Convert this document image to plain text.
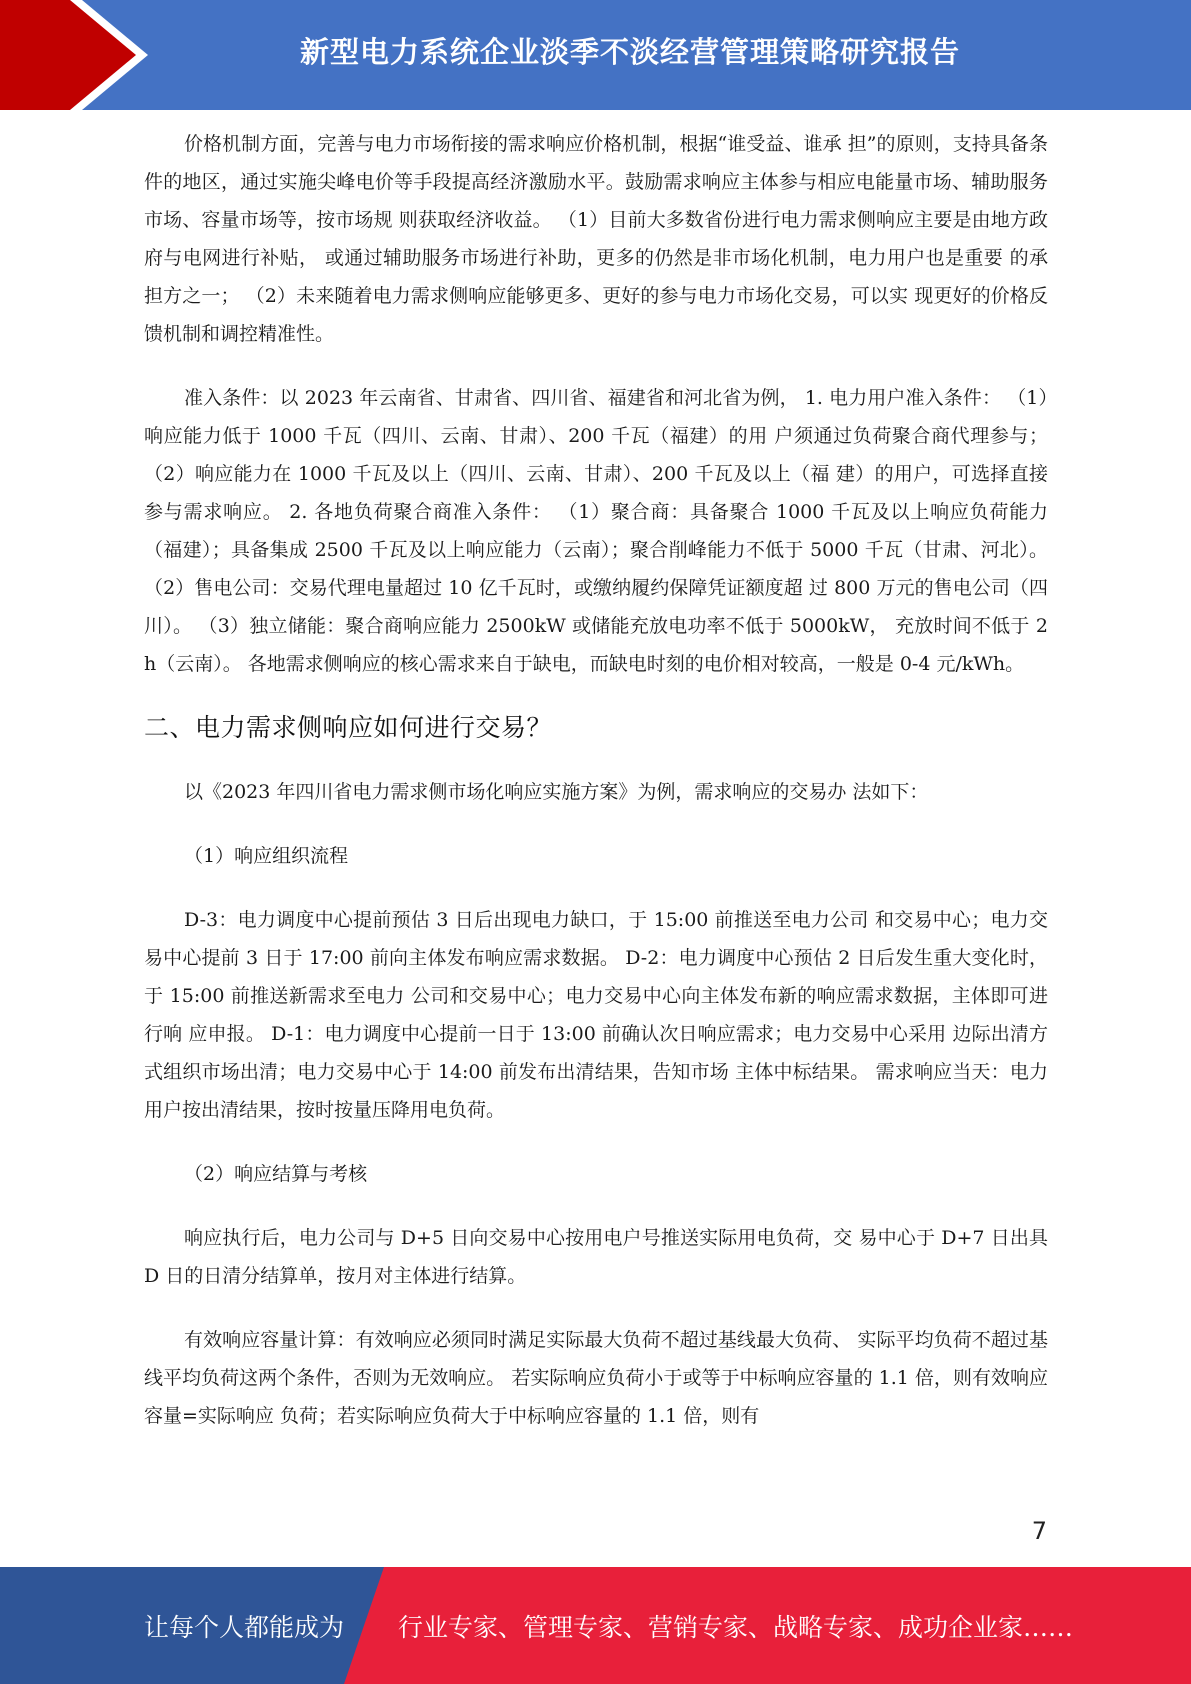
新型电力系统企业淡季不淡经营管理策略研究报告

价格机制方面，完善与电力市场衔接的需求响应价格机制，根据“谁受益、谁承 担”的原则，支持具备条件的地区，通过实施尖峰电价等手段提高经济激励水平。鼓励需求响应主体参与相应电能量市场、辅助服务市场、容量市场等，按市场规 则获取经济收益。 （1）目前大多数省份进行电力需求侧响应主要是由地方政府与电网进行补贴， 或通过辅助服务市场进行补助，更多的仍然是非市场化机制，电力用户也是重要 的承担方之一； （2）未来随着电力需求侧响应能够更多、更好的参与电力市场化交易，可以实 现更好的价格反馈机制和调控精准性。

准入条件：以 2023 年云南省、甘肃省、四川省、福建省和河北省为例， 1. 电力用户准入条件： （1）响应能力低于 1000 千瓦（四川、云南、甘肃）、200 千瓦（福建）的用 户须通过负荷聚合商代理参与； （2）响应能力在 1000 千瓦及以上（四川、云南、甘肃）、200 千瓦及以上（福 建）的用户，可选择直接参与需求响应。 2. 各地负荷聚合商准入条件： （1）聚合商：具备聚合 1000 千瓦及以上响应负荷能力（福建）；具备集成 2500 千瓦及以上响应能力（云南）；聚合削峰能力不低于 5000 千瓦（甘肃、河北）。 （2）售电公司：交易代理电量超过 10 亿千瓦时，或缴纳履约保障凭证额度超 过 800 万元的售电公司（四川）。 （3）独立储能：聚合商响应能力 2500kW 或储能充放电功率不低于 5000kW， 充放时间不低于 2h（云南）。 各地需求侧响应的核心需求来自于缺电，而缺电时刻的电价相对较高，一般是 0-4 元/kWh。

二、电力需求侧响应如何进行交易？

以《2023 年四川省电力需求侧市场化响应实施方案》为例，需求响应的交易办 法如下：

（1）响应组织流程

D-3：电力调度中心提前预估 3 日后出现电力缺口，于 15:00 前推送至电力公司 和交易中心；电力交易中心提前 3 日于 17:00 前向主体发布响应需求数据。 D-2：电力调度中心预估 2 日后发生重大变化时，于 15:00 前推送新需求至电力 公司和交易中心；电力交易中心向主体发布新的响应需求数据，主体即可进行响 应申报。 D-1：电力调度中心提前一日于 13:00 前确认次日响应需求；电力交易中心采用 边际出清方式组织市场出清；电力交易中心于 14:00 前发布出清结果，告知市场 主体中标结果。 需求响应当天：电力用户按出清结果，按时按量压降用电负荷。

（2）响应结算与考核

响应执行后，电力公司与 D+5 日向交易中心按用电户号推送实际用电负荷，交 易中心于 D+7 日出具 D 日的日清分结算单，按月对主体进行结算。

有效响应容量计算：有效响应必须同时满足实际最大负荷不超过基线最大负荷、 实际平均负荷不超过基线平均负荷这两个条件，否则为无效响应。 若实际响应负荷小于或等于中标响应容量的 1.1 倍，则有效响应容量=实际响应 负荷；若实际响应负荷大于中标响应容量的 1.1 倍，则有

7
让每个人都能成为 行业专家、管理专家、营销专家、战略专家、成功企业家……
